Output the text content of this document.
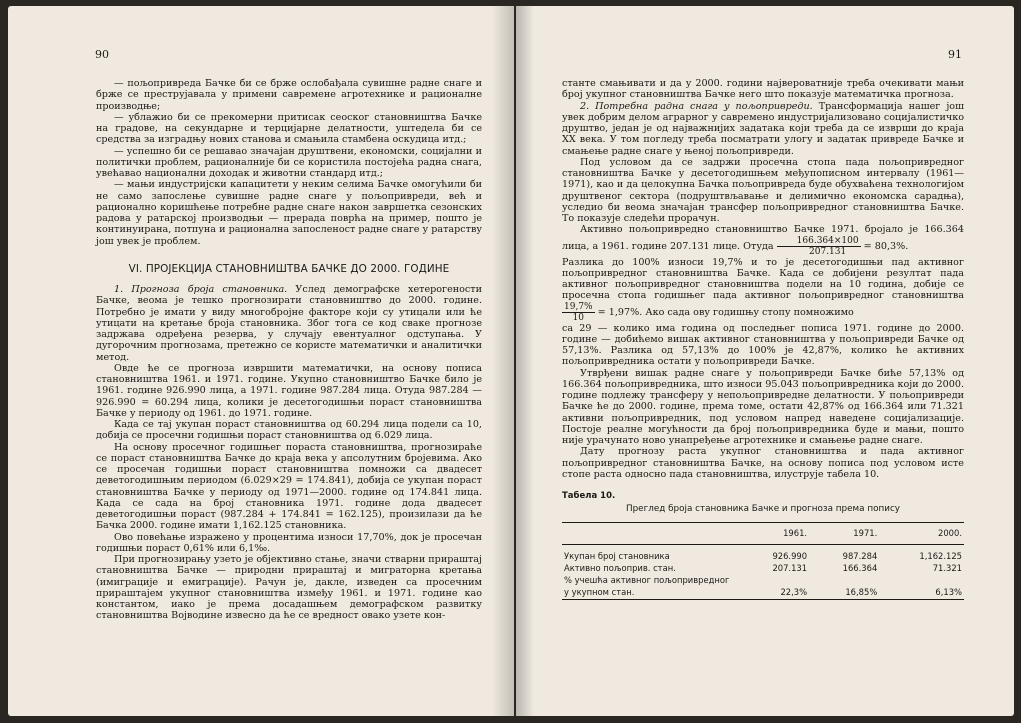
90

— пољопривреда Бачке би се брже ослобађала сувишне радне снаге и брже се преструјавала у примени савремене агротехнике и рационалне производње;

— ублажио би се прекомерни притисак сеоског становништва Бачке на градове, на секундарне и терцијарне делатности, уштедела би се средства за изградњу нових станова и смањила стамбена оскудица итд.;

— успешно би се решавао значајан друштвени, економски, социјални и политички проблем, рационалније би се користила постојећа радна снага, увећавао национални доходак и животни стандард итд.;

— мањи индустријски капацитети у неким селима Бачке омогућили би не само запослење сувишне радне снаге у пољопривреди, већ и рационално коришћење потребне радне снаге након завршетка сезонских радова у ратарској производњи — прерада поврћа на пример, пошто је континуирана, потпуна и рационална запосленост радне снаге у ратарству још увек је проблем.

VI. ПРОЈЕКЦИЈА СТАНОВНИШТВА БАЧКЕ ДО 2000. ГОДИНЕ

1. Прогноза броја становника. Услед демографске хетерогености Бачке, веома је тешко прогнозирати становништво до 2000. године. Потребно је имати у виду многобројне факторе који су утицали или ће утицати на кретање броја становника. Због тога се код сваке прогнозе задржава одређена резерва, у случају евентуалног одступања. У дугорочним прогнозама, претежно се користе математички и аналитички метод.

Овде ће се прогноза извршити математички, на основу пописа становништва 1961. и 1971. године. Укупно становништво Бачке било је 1961. године 926.990 лица, а 1971. године 987.284 лица. Отуда 987.284 — 926.990 = 60.294 лица, колики је десетогодишњи пораст становништва Бачке у периоду од 1961. до 1971. године.

Када се тај укупан пораст становништва од 60.294 лица подели са 10, добија се просечни годишњи пораст становништва од 6.029 лица.

На основу просечног годишњег пораста становништва, прогнозираће се пораст становништва Бачке до краја века у апсолутним бројевима. Ако се просечан годишњи пораст становништва помножи са двадесет деветогодишњим периодом (6.029×29 = 174.841), добија се укупан пораст становништва Бачке у периоду од 1971—2000. године од 174.841 лица. Када се сада на број становника 1971. године дода двадесет деветогодишњи пораст (987.284 + 174.841 = 162.125), произилази да ће Бачка 2000. године имати 1,162.125 становника.

Ово повећање изражено у процентима износи 17,70%, док је просечан годишњи пораст 0,61% или 6,1‰.

При прогнозирању узето је објективно стање, значи стварни прираштај становништва Бачке — природни прираштај и миграторна кретања (имиграције и емиграције). Рачун је, дакле, изведен са просечним прираштајем укупног становништва између 1961. и 1971. године као константом, иако је према досадашњем демографском развитку становништва Војводине извесно да ће се вредност овако узете кон-

91

станте смањивати и да у 2000. години највероватније треба очекивати мањи број укупног становништва Бачке него што показује математичка прогноза.

2. Потребна радна снага у пољопривреди. Трансформација нашег још увек добрим делом аграрног у савремено индустријализовано социјалистичко друштво, један је од најважнијих задатака који треба да се изврши до краја XX века. У том погледу треба посматрати улогу и задатак привреде Бачке и смањење радне снаге у њеној пољопривреди.

Под условом да се задржи просечна стопа пада пољопривредног становништва Бачке у десетогодишњем међупописном интервалу (1961—1971), као и да целокупна Бачка пољопривреда буде обухваћена технологијом друштвеног сектора (подруштвљавање и делимично економска сарадња), уследио би веома значајан трансфер пољопривредног становништва Бачке. То показује следећи прорачун.

Активно пољопривредно становништво Бачке 1971. бројало је 166.364 лица, а 1961. године 207.131 лице. Отуда $\frac{166.364\times 100}{207.131} = 80,3\%$.

Разлика до 100% износи 19,7% и то је десетогодишњи пад активног пољопривредног становништва Бачке. Када се добијени резултат пада активног пољопривредног становништва подели на 10 година, добије се просечна стопа годишњег пада активног пољопривредног становништва
$\frac{19,7\%}{10} = 1,97\%$. Ако сада ову годишњу стопу помножимо

са 29 — колико има година од последњег пописа 1971. године до 2000. године — добићемо вишак активног становништва у пољопривреди Бачке од 57,13%. Разлика од 57,13% до 100% је 42,87%, колико ће активних пољопривредника остати у пољопривреди Бачке.

Утврђени вишак радне снаге у пољопривреди Бачке биће 57,13% од 166.364 пољопривредника, што износи 95.043 пољопривредника који до 2000. године подлежу трансферу у непољопривредне делатности. У пољопривреди Бачке ће до 2000. године, према томе, остати 42,87% од 166.364 или 71.321 активни пољопривредник, под условом напред наведене социјализације. Постоје реалне могућности да број пољопривредника буде и мањи, пошто није урачунато ново унапређење агротехнике и смањење радне снаге.

Дату прогнозу раста укупног становништва и пада активног пољопривредног становништва Бачке, на основу пописа под условом исте стопе раста односно пада становништва, илуструје табела 10.

Табела 10.
Преглед броја становника Бачке и прогноза према попису
	1961.	1971.	2000.
Укупан број становника	926.990	987.284	1,162.125
Активно пољоприв. стан.	207.131	166.364	71.321
% учешћа активног пољопривредног			
у укупном стан.	22,3%	16,85%	6,13%
